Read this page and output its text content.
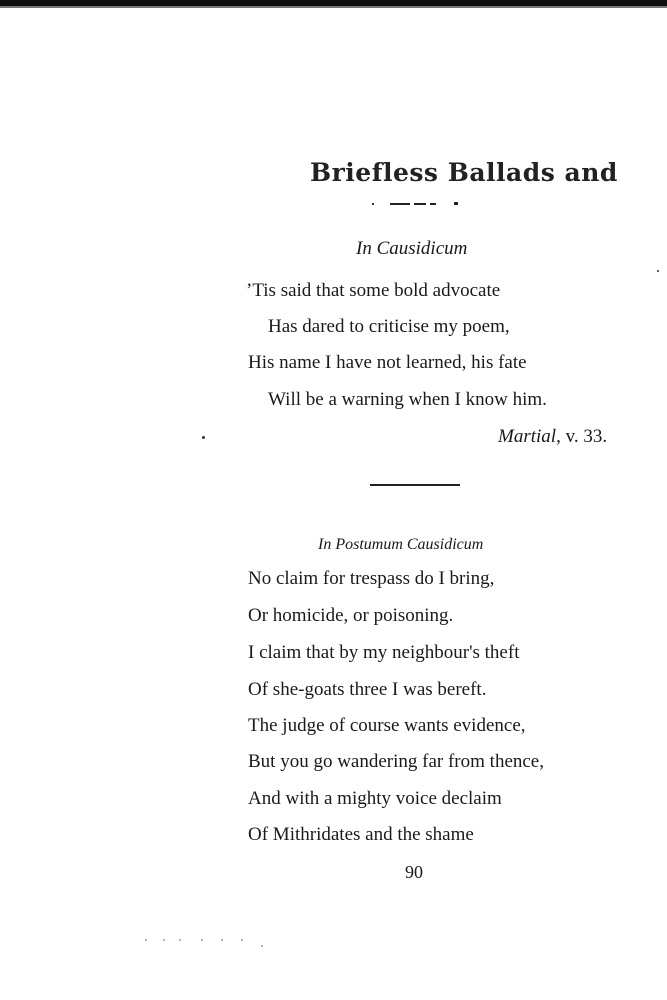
Briefless Ballads and
In Causidicum
’Tis said that some bold advocate
Has dared to criticise my poem,
His name I have not learned, his fate
Will be a warning when I know him.
Martial, v. 33.
In Postumum Causidicum
No claim for trespass do I bring,
Or homicide, or poisoning.
I claim that by my neighbour's theft
Of she-goats three I was bereft.
The judge of course wants evidence,
But you go wandering far from thence,
And with a mighty voice declaim
Of Mithridates and the shame
90
